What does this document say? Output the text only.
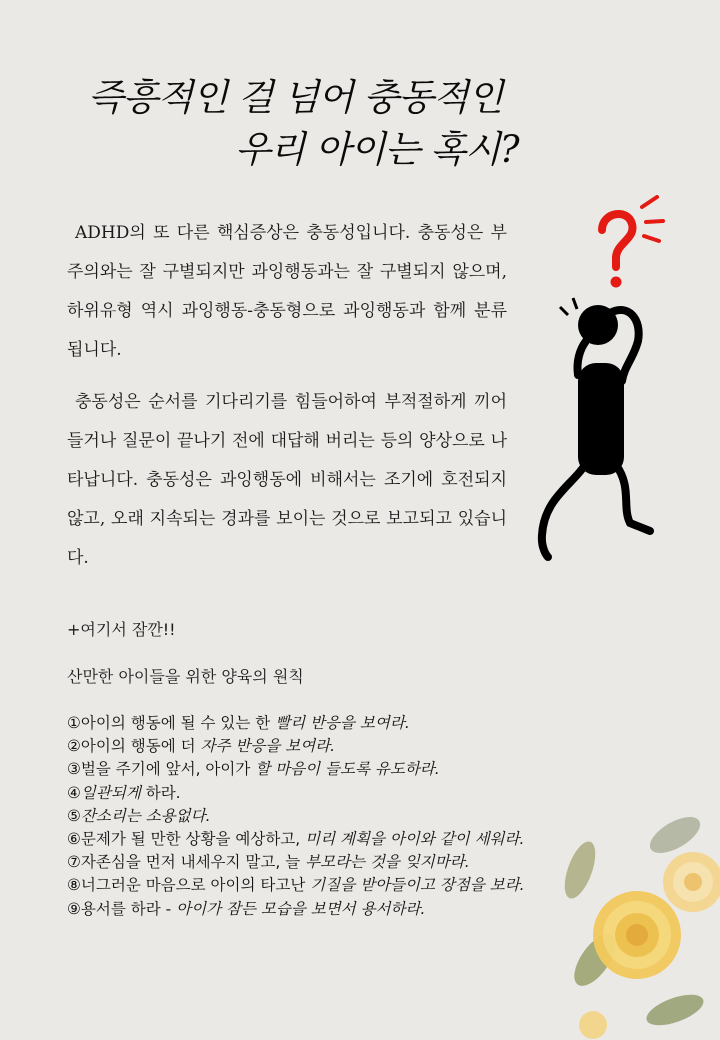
즉흥적인 걸 넘어 충동적인
우리 아이는 혹시?

ADHD의 또 다른 핵심증상은 충동성입니다. 충동성은 부주의와는 잘 구별되지만 과잉행동과는 잘 구별되지 않으며, 하위유형 역시 과잉행동-충동형으로 과잉행동과 함께 분류됩니다.

충동성은 순서를 기다리기를 힘들어하여 부적절하게 끼어들거나 질문이 끝나기 전에 대답해 버리는 등의 양상으로 나타납니다. 충동성은 과잉행동에 비해서는 조기에 호전되지 않고, 오래 지속되는 경과를 보이는 것으로 보고되고 있습니다.

+여기서 잠깐!!

산만한 아이들을 위한 양육의 원칙

①아이의 행동에 될 수 있는 한 빨리 반응을 보여라.
②아이의 행동에 더 자주 반응을 보여라.
③벌을 주기에 앞서, 아이가 할 마음이 들도록 유도하라.
④일관되게 하라.
⑤잔소리는 소용없다.
⑥문제가 될 만한 상황을 예상하고, 미리 계획을 아이와 같이 세워라.
⑦자존심을 먼저 내세우지 말고, 늘 부모라는 것을 잊지마라.
⑧너그러운 마음으로 아이의 타고난 기질을 받아들이고 장점을 보라.
⑨용서를 하라 - 아이가 잠든 모습을 보면서 용서하라.
